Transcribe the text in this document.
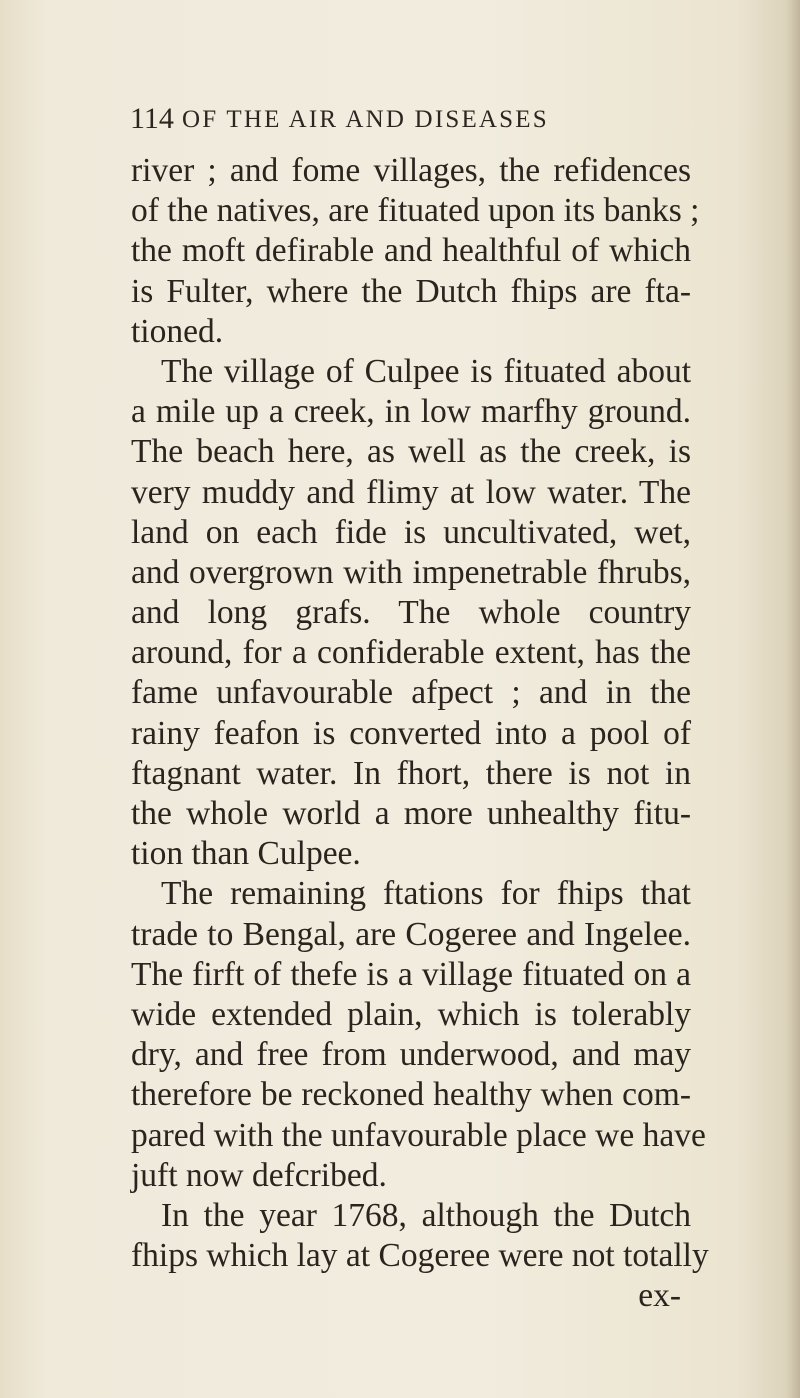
114 OF THE AIR AND DISEASES
river ; and fome villages, the refidences
of the natives, are fituated upon its banks ;
the moft defirable and healthful of which
is Fulter, where the Dutch fhips are fta-
tioned.
The village of Culpee is fituated about
a mile up a creek, in low marfhy ground.
The beach here, as well as the creek, is
very muddy and flimy at low water. The
land on each fide is uncultivated, wet,
and overgrown with impenetrable fhrubs,
and long grafs. The whole country
around, for a confiderable extent, has the
fame unfavourable afpect ; and in the
rainy feafon is converted into a pool of
ftagnant water. In fhort, there is not in
the whole world a more unhealthy fitu-
tion than Culpee.
The remaining ftations for fhips that
trade to Bengal, are Cogeree and Ingelee.
The firft of thefe is a village fituated on a
wide extended plain, which is tolerably
dry, and free from underwood, and may
therefore be reckoned healthy when com-
pared with the unfavourable place we have
juft now defcribed.
In the year 1768, although the Dutch
fhips which lay at Cogeree were not totally
ex-
